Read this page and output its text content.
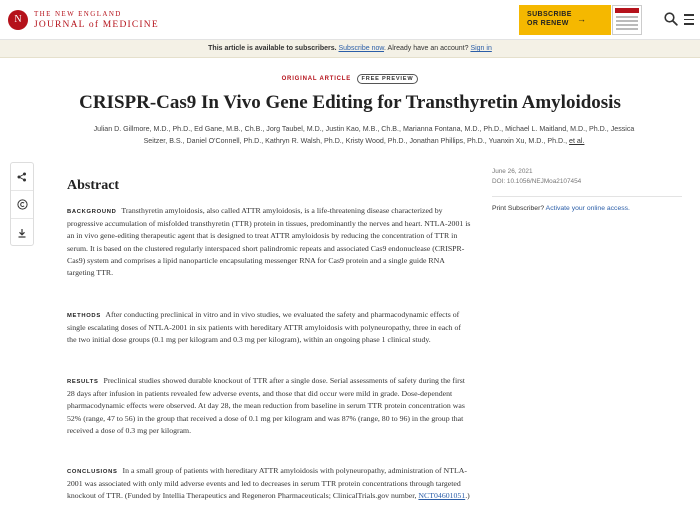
N	THE NEW ENGLAND
JOURNAL of MEDICINE
SUBSCRIBE
OR RENEW →
This article is available to subscribers. Subscribe now. Already have an account? Sign in
ORIGINAL ARTICLE FREE PREVIEW
CRISPR-Cas9 In Vivo Gene Editing for Transthyretin Amyloidosis
Julian D. Gillmore, M.D., Ph.D., Ed Gane, M.B., Ch.B., Jorg Taubel, M.D., Justin Kao, M.B., Ch.B., Marianna Fontana, M.D., Ph.D., Michael L. Maitland, M.D., Ph.D., Jessica
Seitzer, B.S., Daniel O'Connell, Ph.D., Kathryn R. Walsh, Ph.D., Kristy Wood, Ph.D., Jonathan Phillips, Ph.D., Yuanxin Xu, M.D., Ph.D., et al.
June 26, 2021
DOI: 10.1056/NEJMoa2107454
Print Subscriber? Activate your online access.
Abstract

BACKGROUND Transthyretin amyloidosis, also called ATTR amyloidosis, is a life-threatening disease characterized by progressive accumulation of misfolded transthyretin (TTR) protein in tissues, predominantly the nerves and heart. NTLA-2001 is an in vivo gene-editing therapeutic agent that is designed to treat ATTR amyloidosis by reducing the concentration of TTR in serum. It is based on the clustered regularly interspaced short palindromic repeats and associated Cas9 endonuclease (CRISPR-Cas9) system and comprises a lipid nanoparticle encapsulating messenger RNA for Cas9 protein and a single guide RNA targeting TTR.

METHODS After conducting preclinical in vitro and in vivo studies, we evaluated the safety and pharmacodynamic effects of single escalating doses of NTLA-2001 in six patients with hereditary ATTR amyloidosis with polyneuropathy, three in each of the two initial dose groups (0.1 mg per kilogram and 0.3 mg per kilogram), within an ongoing phase 1 clinical study.

RESULTS Preclinical studies showed durable knockout of TTR after a single dose. Serial assessments of safety during the first 28 days after infusion in patients revealed few adverse events, and those that did occur were mild in grade. Dose-dependent pharmacodynamic effects were observed. At day 28, the mean reduction from baseline in serum TTR protein concentration was 52% (range, 47 to 56) in the group that received a dose of 0.1 mg per kilogram and was 87% (range, 80 to 96) in the group that received a dose of 0.3 mg per kilogram.

CONCLUSIONS In a small group of patients with hereditary ATTR amyloidosis with polyneuropathy, administration of NTLA-2001 was associated with only mild adverse events and led to decreases in serum TTR protein concentrations through targeted knockout of TTR. (Funded by Intellia Therapeutics and Regeneron Pharmaceuticals; ClinicalTrials.gov number, NCT04601051.)
